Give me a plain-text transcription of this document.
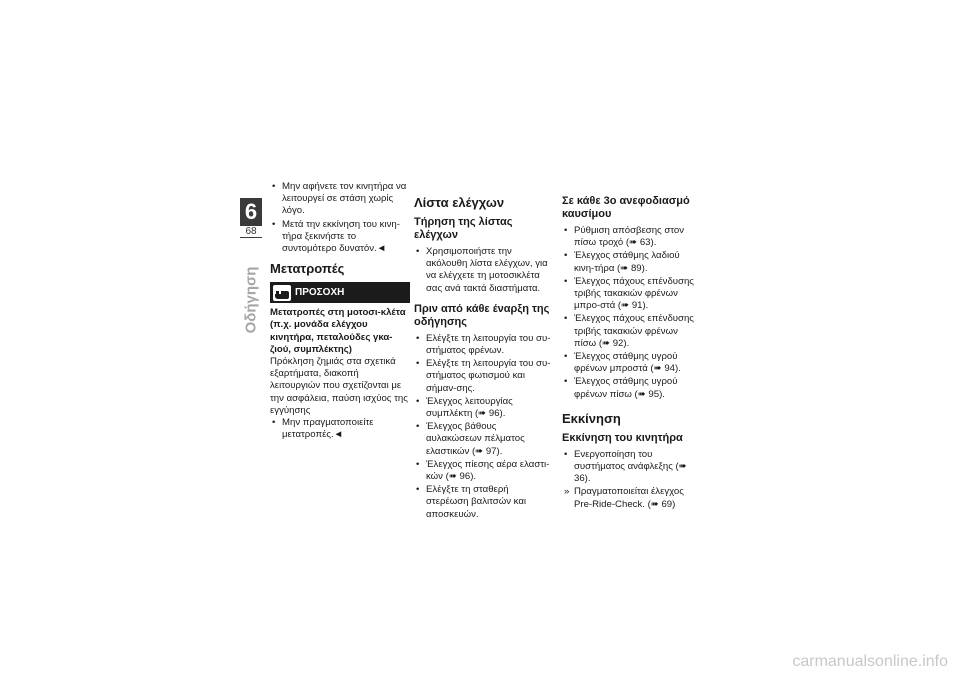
6
68
Οδήγηση
• Μην αφήνετε τον κινητήρα να λειτουργεί σε στάση χωρίς λόγο.
• Μετά την εκκίνηση του κινη-τήρα ξεκινήστε το συντομότερο δυνατόν.◄
Μετατροπές
ΠΡΟΣΟΧΗ

Μετατροπές στη μοτοσι-κλέτα (π.χ. μονάδα ελέγχου κινητήρα, πεταλούδες γκα-ζιού, συμπλέκτης)

Πρόκληση ζημιάς στα σχετικά εξαρτήματα, διακοπή λειτουργιών που σχετίζονται με την ασφάλεια, παύση ισχύος της εγγύησης

• Μην πραγματοποιείτε μετατροπές.◄
Λίστα ελέγχων
Τήρηση της λίστας ελέγχων
• Χρησιμοποιήστε την ακόλουθη λίστα ελέγχων, για να ελέγχετε τη μοτοσικλέτα σας ανά τακτά διαστήματα.
Πριν από κάθε έναρξη της οδήγησης
• Ελέγξτε τη λειτουργία του συ-στήματος φρένων.
• Ελέγξτε τη λειτουργία του συ-στήματος φωτισμού και σήμαν-σης.
• Έλεγχος λειτουργίας συμπλέκτη (➠ 96).
• Έλεγχος βάθους αυλακώσεων πέλματος ελαστικών (➠ 97).
• Έλεγχος πίεσης αέρα ελαστι-κών (➠ 96).
• Ελέγξτε τη σταθερή στερέωση βαλιτσών και αποσκευών.
Σε κάθε 3ο ανεφοδιασμό καυσίμου
• Ρύθμιση απόσβεσης στον πίσω τροχό (➠ 63).
• Έλεγχος στάθμης λαδιού κινη-τήρα (➠ 89).
• Έλεγχος πάχους επένδυσης τριβής τακακιών φρένων μπρο-στά (➠ 91).
• Έλεγχος πάχους επένδυσης τριβής τακακιών φρένων πίσω (➠ 92).
• Έλεγχος στάθμης υγρού φρένων μπροστά (➠ 94).
• Έλεγχος στάθμης υγρού φρένων πίσω (➠ 95).
Εκκίνηση
Εκκίνηση του κινητήρα
• Ενεργοποίηση του συστήματος ανάφλεξης (➠ 36).
» Πραγματοποιείται έλεγχος Pre-Ride-Check. (➠ 69)
carmanualsonline.info
